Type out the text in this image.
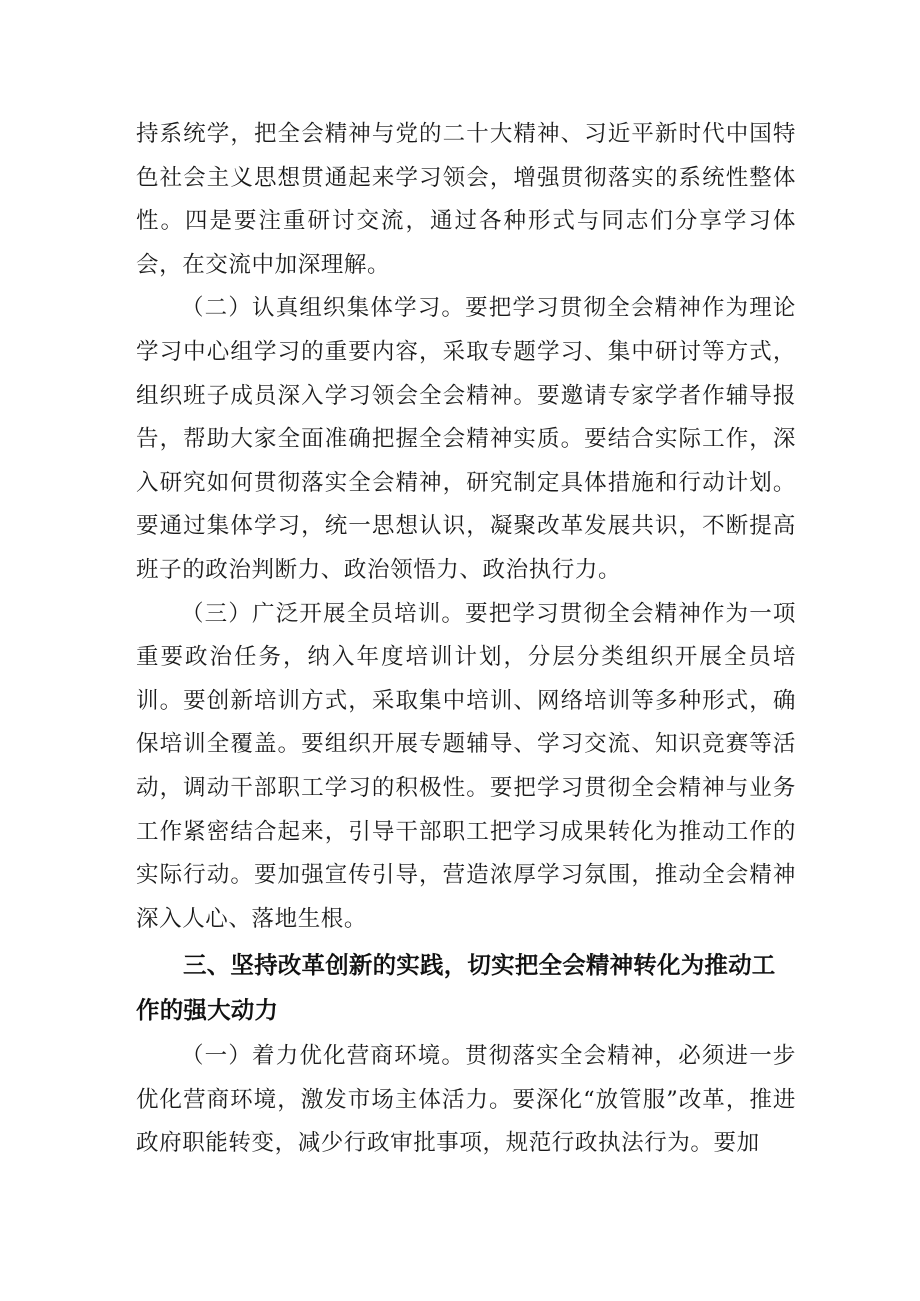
持系统学，把全会精神与党的二十大精神、习近平新时代中国特色社会主义思想贯通起来学习领会，增强贯彻落实的系统性整体性。四是要注重研讨交流，通过各种形式与同志们分享学习体会，在交流中加深理解。

（二）认真组织集体学习。要把学习贯彻全会精神作为理论学习中心组学习的重要内容，采取专题学习、集中研讨等方式，组织班子成员深入学习领会全会精神。要邀请专家学者作辅导报告，帮助大家全面准确把握全会精神实质。要结合实际工作，深入研究如何贯彻落实全会精神，研究制定具体措施和行动计划。要通过集体学习，统一思想认识，凝聚改革发展共识，不断提高班子的政治判断力、政治领悟力、政治执行力。

（三）广泛开展全员培训。要把学习贯彻全会精神作为一项重要政治任务，纳入年度培训计划，分层分类组织开展全员培训。要创新培训方式，采取集中培训、网络培训等多种形式，确保培训全覆盖。要组织开展专题辅导、学习交流、知识竞赛等活动，调动干部职工学习的积极性。要把学习贯彻全会精神与业务工作紧密结合起来，引导干部职工把学习成果转化为推动工作的实际行动。要加强宣传引导，营造浓厚学习氛围，推动全会精神深入人心、落地生根。

三、坚持改革创新的实践，切实把全会精神转化为推动工作的强大动力

（一）着力优化营商环境。贯彻落实全会精神，必须进一步优化营商环境，激发市场主体活力。要深化“放管服”改革，推进政府职能转变，减少行政审批事项，规范行政执法行为。要加
